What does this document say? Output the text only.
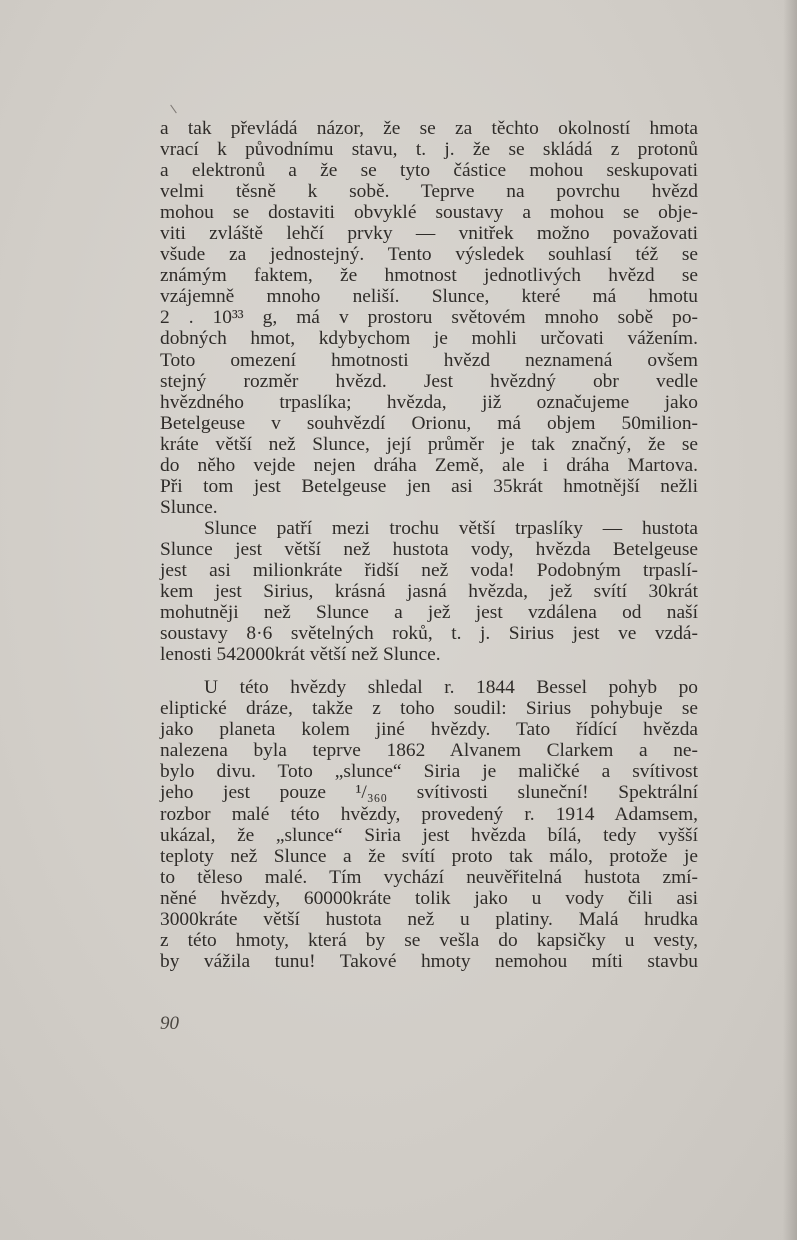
a tak převládá názor, že se za těchto okolností hmota
vrací k původnímu stavu, t. j. že se skládá z protonů
a elektronů a že se tyto částice mohou seskupovati
velmi těsně k sobě. Teprve na povrchu hvězd
mohou se dostaviti obvyklé soustavy a mohou se obje-
viti zvláště lehčí prvky — vnitřek možno považovati
všude za jednostejný. Tento výsledek souhlasí též se
známým faktem, že hmotnost jednotlivých hvězd se
vzájemně mnoho neliší. Slunce, které má hmotu
2 . 10³³ g, má v prostoru světovém mnoho sobě po-
dobných hmot, kdybychom je mohli určovati vážením.
Toto omezení hmotnosti hvězd neznamená ovšem
stejný rozměr hvězd. Jest hvězdný obr vedle
hvězdného trpaslíka; hvězda, již označujeme jako
Betelgeuse v souhvězdí Orionu, má objem 50milion-
kráte větší než Slunce, její průměr je tak značný, že se
do něho vejde nejen dráha Země, ale i dráha Martova.
Při tom jest Betelgeuse jen asi 35krát hmotnější nežli
Slunce.
Slunce patří mezi trochu větší trpaslíky — hustota
Slunce jest větší než hustota vody, hvězda Betelgeuse
jest asi milionkráte řidší než voda! Podobným trpaslí-
kem jest Sirius, krásná jasná hvězda, jež svítí 30krát
mohutněji než Slunce a jež jest vzdálena od naší
soustavy 8·6 světelných roků, t. j. Sirius jest ve vzdá-
lenosti 542000krát větší než Slunce.
U této hvězdy shledal r. 1844 Bessel pohyb po
eliptické dráze, takže z toho soudil: Sirius pohybuje se
jako planeta kolem jiné hvězdy. Tato řídící hvězda
nalezena byla teprve 1862 Alvanem Clarkem a ne-
bylo divu. Toto „slunce“ Siria je maličké a svítivost
jeho jest pouze ¹/₃₆₀ svítivosti sluneční! Spektrální
rozbor malé této hvězdy, provedený r. 1914 Adamsem,
ukázal, že „slunce“ Siria jest hvězda bílá, tedy vyšší
teploty než Slunce a že svítí proto tak málo, protože je
to těleso malé. Tím vychází neuvěřitelná hustota zmí-
něné hvězdy, 60000kráte tolik jako u vody čili asi
3000kráte větší hustota než u platiny. Malá hrudka
z této hmoty, která by se vešla do kapsičky u vesty,
by vážila tunu! Takové hmoty nemohou míti stavbu
90
